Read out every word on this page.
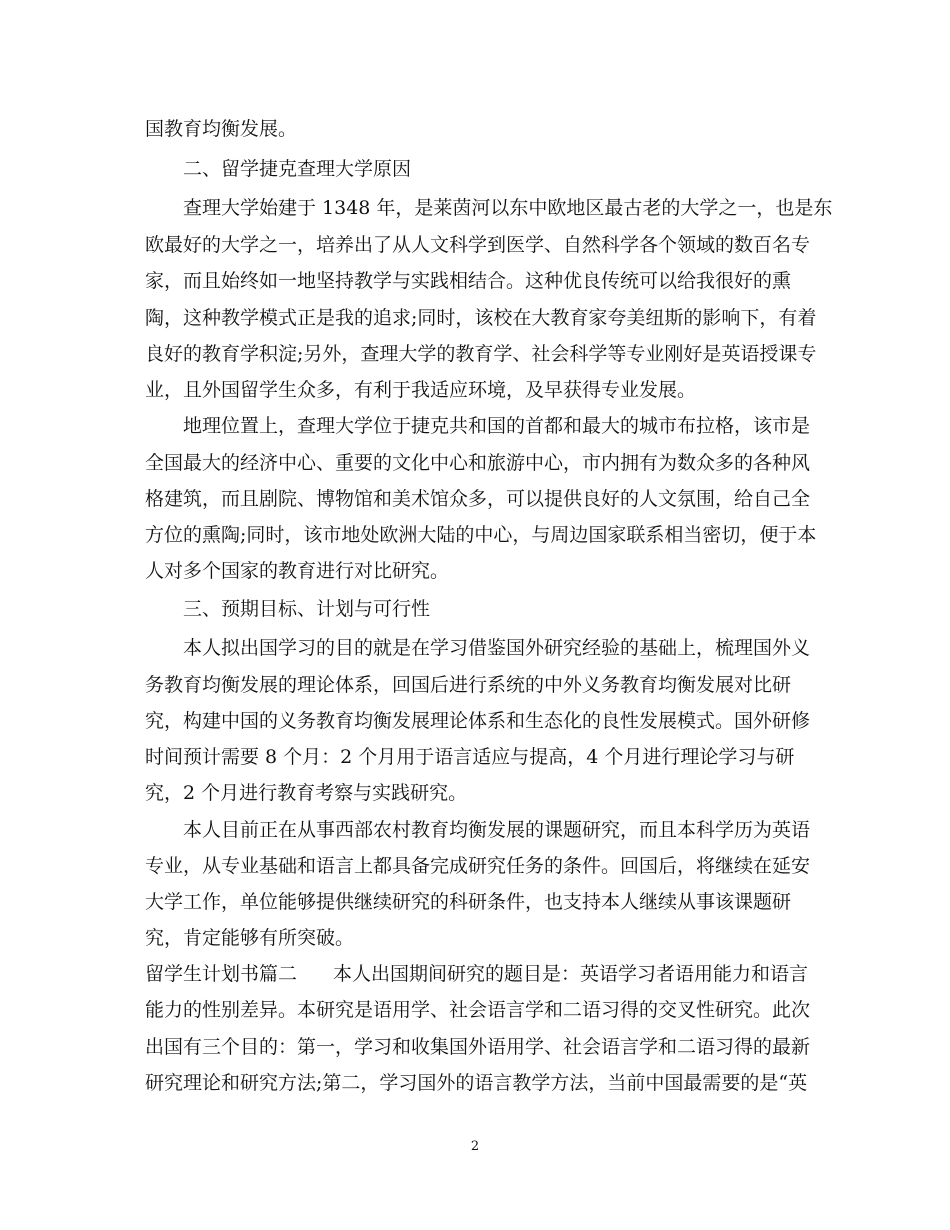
国教育均衡发展。
二、留学捷克查理大学原因
查理大学始建于 1348 年，是莱茵河以东中欧地区最古老的大学之一，也是东
欧最好的大学之一，培养出了从人文科学到医学、自然科学各个领域的数百名专
家，而且始终如一地坚持教学与实践相结合。这种优良传统可以给我很好的熏
陶，这种教学模式正是我的追求;同时，该校在大教育家夸美纽斯的影响下，有着
良好的教育学积淀;另外，查理大学的教育学、社会科学等专业刚好是英语授课专
业，且外国留学生众多，有利于我适应环境，及早获得专业发展。
地理位置上，查理大学位于捷克共和国的首都和最大的城市布拉格，该市是
全国最大的经济中心、重要的文化中心和旅游中心，市内拥有为数众多的各种风
格建筑，而且剧院、博物馆和美术馆众多，可以提供良好的人文氛围，给自己全
方位的熏陶;同时，该市地处欧洲大陆的中心，与周边国家联系相当密切，便于本
人对多个国家的教育进行对比研究。
三、预期目标、计划与可行性
本人拟出国学习的目的就是在学习借鉴国外研究经验的基础上，梳理国外义
务教育均衡发展的理论体系，回国后进行系统的中外义务教育均衡发展对比研
究，构建中国的义务教育均衡发展理论体系和生态化的良性发展模式。国外研修
时间预计需要 8 个月：2 个月用于语言适应与提高，4 个月进行理论学习与研
究，2 个月进行教育考察与实践研究。
本人目前正在从事西部农村教育均衡发展的课题研究，而且本科学历为英语
专业，从专业基础和语言上都具备完成研究任务的条件。回国后，将继续在延安
大学工作，单位能够提供继续研究的科研条件，也支持本人继续从事该课题研
究，肯定能够有所突破。
留学生计划书篇二 本人出国期间研究的题目是：英语学习者语用能力和语言
能力的性别差异。本研究是语用学、社会语言学和二语习得的交叉性研究。此次
出国有三个目的：第一，学习和收集国外语用学、社会语言学和二语习得的最新
研究理论和研究方法;第二，学习国外的语言教学方法，当前中国最需要的是“英
2
